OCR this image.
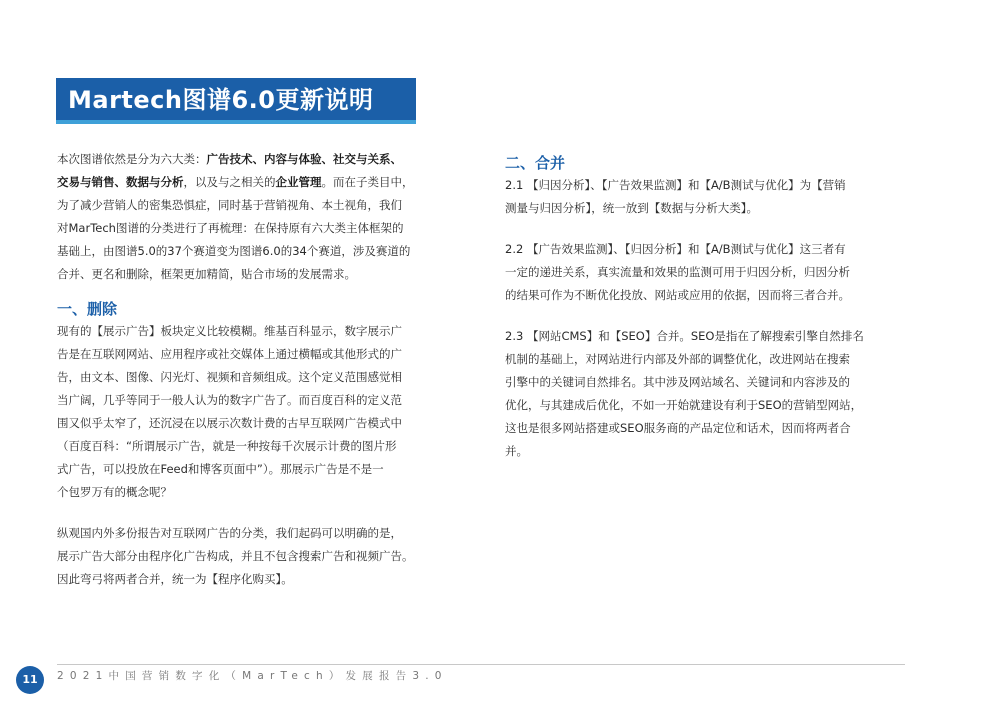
Martech图谱6.0更新说明

本次图谱依然是分为六大类：广告技术、内容与体验、社交与关系、

交易与销售、数据与分析，以及与之相关的企业管理。而在子类目中，

为了减少营销人的密集恐惧症，同时基于营销视角、本土视角，我们

对MarTech图谱的分类进行了再梳理：在保持原有六大类主体框架的

基础上，由图谱5.0的37个赛道变为图谱6.0的34个赛道，涉及赛道的

合并、更名和删除，框架更加精简，贴合市场的发展需求。

一、删除

现有的【展示广告】板块定义比较模糊。维基百科显示，数字展示广

告是在互联网网站、应用程序或社交媒体上通过横幅或其他形式的广

告，由文本、图像、闪光灯、视频和音频组成。这个定义范围感觉相

当广阔，几乎等同于一般人认为的数字广告了。而百度百科的定义范

围又似乎太窄了，还沉浸在以展示次数计费的古早互联网广告模式中

（百度百科：“所谓展示广告，就是一种按每千次展示计费的图片形

式广告，可以投放在Feed和博客页面中”）。那展示广告是不是一

个包罗万有的概念呢？

纵观国内外多份报告对互联网广告的分类，我们起码可以明确的是，

展示广告大部分由程序化广告构成，并且不包含搜索广告和视频广告。

因此弯弓将两者合并，统一为【程序化购买】。

二、合并

2.1 【归因分析】、【广告效果监测】和【A/B测试与优化】为【营销

测量与归因分析】，统一放到【数据与分析大类】。

2.2 【广告效果监测】、【归因分析】和【A/B测试与优化】这三者有

一定的递进关系，真实流量和效果的监测可用于归因分析，归因分析

的结果可作为不断优化投放、网站或应用的依据，因而将三者合并。

2.3 【网站CMS】和【SEO】合并。SEO是指在了解搜索引擎自然排名

机制的基础上，对网站进行内部及外部的调整优化，改进网站在搜索

引擎中的关键词自然排名。其中涉及网站域名、关键词和内容涉及的

优化，与其建成后优化，不如一开始就建设有利于SEO的营销型网站，

这也是很多网站搭建或SEO服务商的产品定位和话术，因而将两者合

并。

11	2021中国营销数字化（MarTech）发展报告3.0
